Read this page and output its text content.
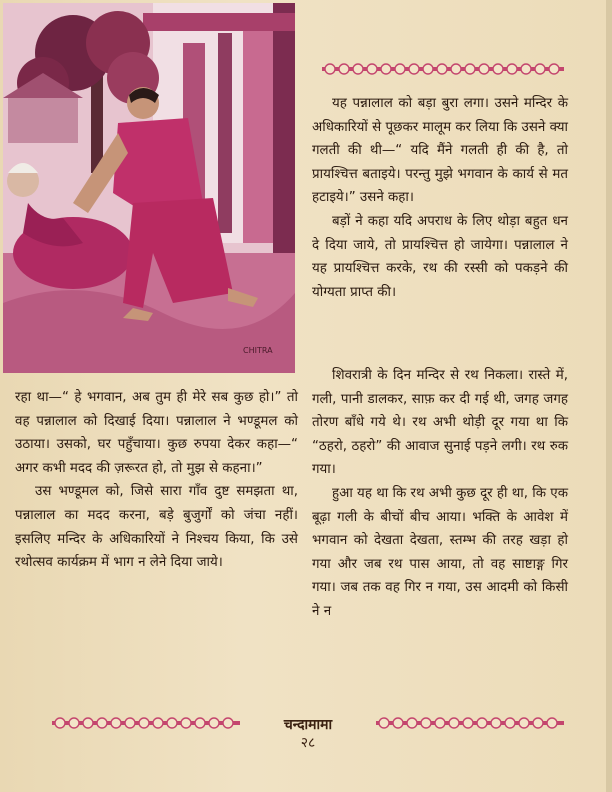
CHITRA

यह पन्नालाल को बड़ा बुरा लगा। उसने मन्दिर के अधिकारियों से पूछकर मालूम कर लिया कि उसने क्या गलती की थी—“ यदि मैंने गलती ही की है, तो प्रायश्चित्त बताइये। परन्तु मुझे भगवान के कार्य से मत हटाइये।” उसने कहा।

बड़ों ने कहा यदि अपराध के लिए थोड़ा बहुत धन दे दिया जाये, तो प्रायश्चित्त हो जायेगा। पन्नालाल ने यह प्रायश्चित्त करके, रथ की रस्सी को पकड़ने की योग्यता प्राप्त की।

शिवरात्री के दिन मन्दिर से रथ निकला। रास्ते में, गली, पानी डालकर, साफ़ कर दी गई थी, जगह जगह तोरण बाँधे गये थे। रथ अभी थोड़ी दूर गया था कि “ठहरो, ठहरो” की आवाज सुनाई पड़ने लगी। रथ रुक गया।

हुआ यह था कि रथ अभी कुछ दूर ही था, कि एक बूढ़ा गली के बीचों बीच आया। भक्ति के आवेश में भगवान को देखता देखता, स्तम्भ की तरह खड़ा हो गया और जब रथ पास आया, तो वह साष्टाङ्ग गिर गया। जब तक वह गिर न गया, उस आदमी को किसी ने न

रहा था—“ हे भगवान, अब तुम ही मेरे सब कुछ हो।” तो वह पन्नालाल को दिखाई दिया। पन्नालाल ने भण्डूमल को उठाया। उसको, घर पहुँचाया। कुछ रुपया देकर कहा—“ अगर कभी मदद की ज़रूरत हो, तो मुझ से कहना।”

उस भण्डूमल को, जिसे सारा गाँव दुष्ट समझता था, पन्नालाल का मदद करना, बड़े बुजुर्गों को जंचा नहीं। इसलिए मन्दिर के अधिकारियों ने निश्चय किया, कि उसे रथोत्सव कार्यक्रम में भाग न लेने दिया जाये।

चन्दामामा
२८
